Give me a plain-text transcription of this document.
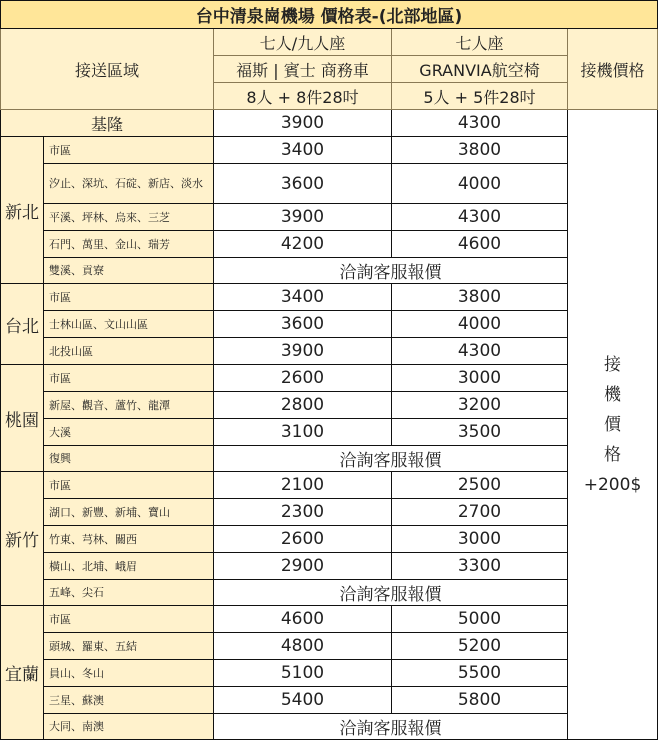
台中清泉崗機場 價格表-(北部地區)				
接送區域		七人/九人座	七人座	接機價格
		福斯 | 賓士 商務車	GRANVIA航空椅	
		8人 + 8件28吋	5人 + 5件28吋	
基隆		3900	4300	接
機
價
格
+200$

新北	市區	3400	3800	
	汐止、深坑、石碇、新店、淡水	3600	4000	
	平溪、坪林、烏來、三芝	3900	4300	
	石門、萬里、金山、瑞芳	4200	4600	
	雙溪、貢寮	洽詢客服報價		
台北	市區	3400	3800	
	士林山區、文山山區	3600	4000	
	北投山區	3900	4300	
桃園	市區	2600	3000	
	新屋、觀音、蘆竹、龍潭	2800	3200	
	大溪	3100	3500	
	復興	洽詢客服報價		
新竹	市區	2100	2500	
	湖口、新豐、新埔、寶山	2300	2700	
	竹東、芎林、關西	2600	3000	
	橫山、北埔、峨眉	2900	3300	
	五峰、尖石	洽詢客服報價		
宜蘭	市區	4600	5000	
	頭城、羅東、五結	4800	5200	
	員山、冬山	5100	5500	
	三星、蘇澳	5400	5800	
	大同、南澳	洽詢客服報價		
